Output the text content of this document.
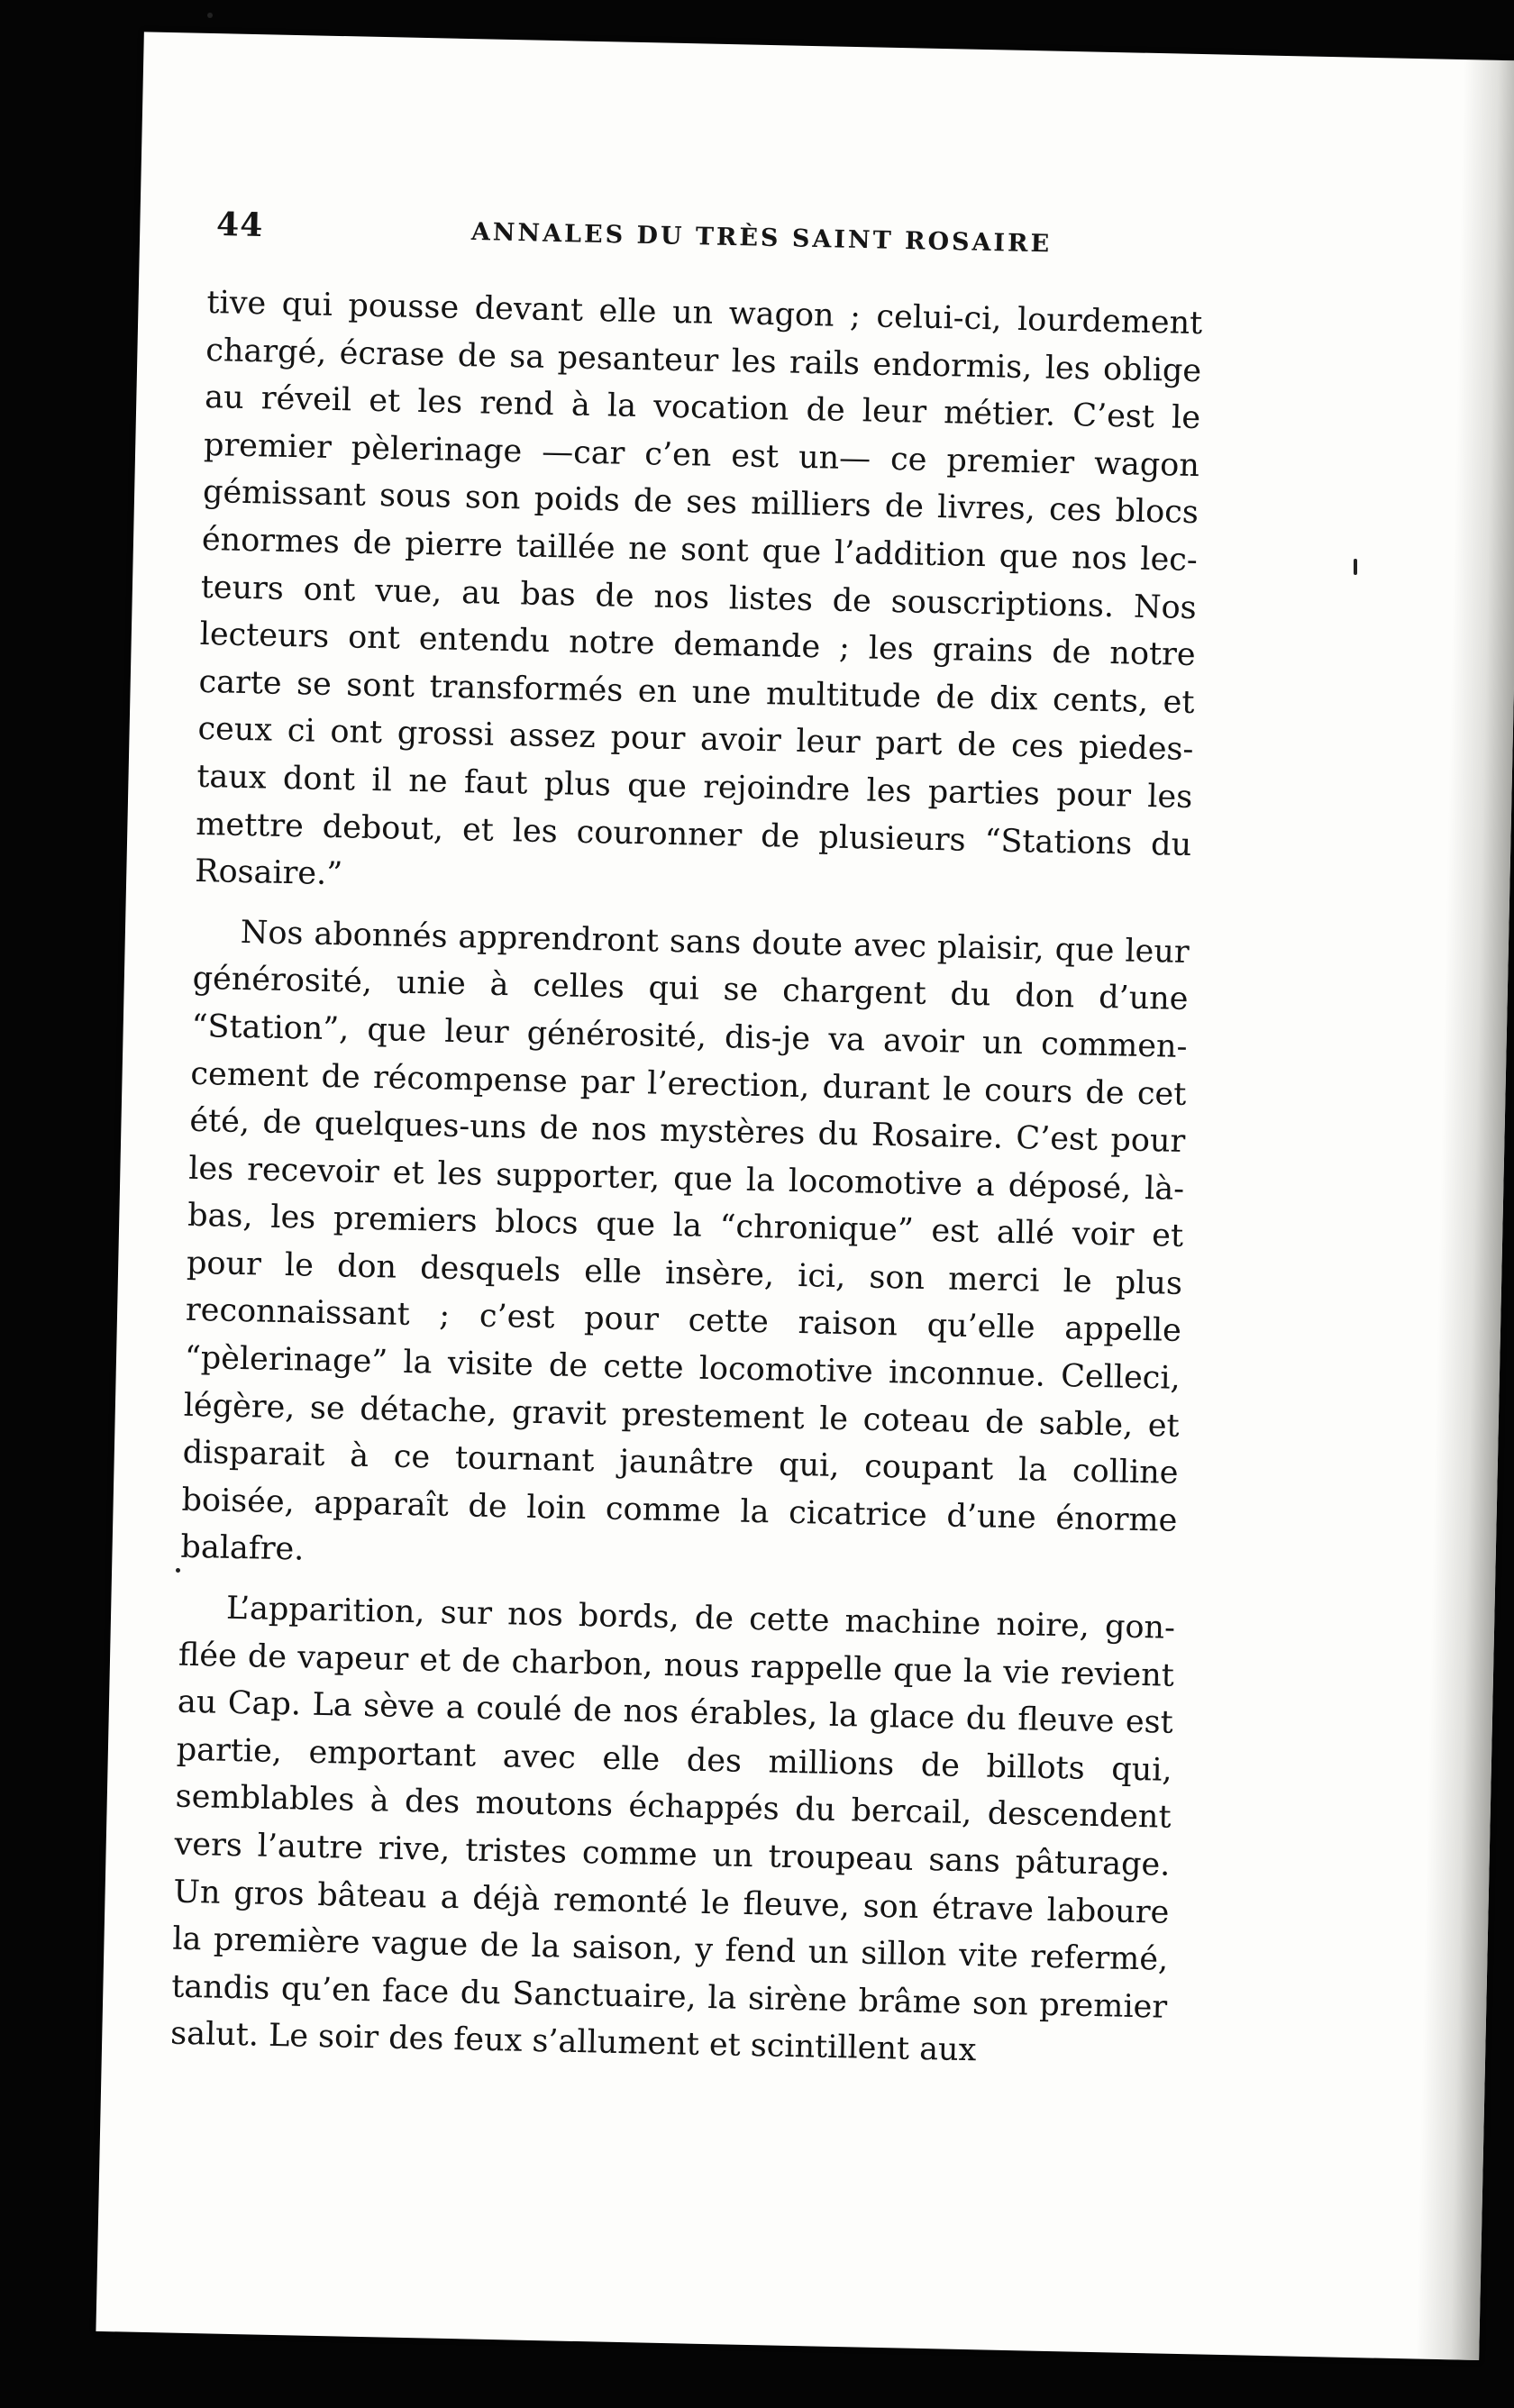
44	ANNALES DU TRÈS SAINT ROSAIRE

tive qui pousse devant elle un wagon ; celui-ci, lourdement chargé, écrase de sa pesanteur les rails endormis, les oblige au réveil et les rend à la vocation de leur métier. C’est le premier pèlerinage —car c’en est un— ce premier wagon gémissant sous son poids de ses milliers de livres, ces blocs énormes de pierre taillée ne sont que l’addition que nos lecteurs ont vue, au bas de nos listes de souscriptions. Nos lecteurs ont entendu notre demande ; les grains de notre carte se sont transformés en une multitude de dix cents, et ceux ci ont grossi assez pour avoir leur part de ces piedestaux dont il ne faut plus que rejoindre les parties pour les mettre debout, et les couronner de plusieurs “Stations du Rosaire.”

Nos abonnés apprendront sans doute avec plaisir, que leur générosité, unie à celles qui se chargent du don d’une “Station”, que leur générosité, dis-je va avoir un commencement de récompense par l’erection, durant le cours de cet été, de quelques-uns de nos mystères du Rosaire. C’est pour les recevoir et les supporter, que la locomotive a déposé, là-bas, les premiers blocs que la “chronique” est allé voir et pour le don desquels elle insère, ici, son merci le plus reconnaissant ; c’est pour cette raison qu’elle appelle “pèlerinage” la visite de cette locomotive inconnue. Celleci, légère, se détache, gravit prestement le coteau de sable, et disparait à ce tournant jaunâtre qui, coupant la colline boisée, apparaît de loin comme la cicatrice d’une énorme balafre.

L’apparition, sur nos bords, de cette machine noire, gonflée de vapeur et de charbon, nous rappelle que la vie revient au Cap. La sève a coulé de nos érables, la glace du fleuve est partie, emportant avec elle des millions de billots qui, semblables à des moutons échappés du bercail, descendent vers l’autre rive, tristes comme un troupeau sans pâturage. Un gros bâteau a déjà remonté le fleuve, son étrave laboure la première vague de la saison, y fend un sillon vite refermé, tandis qu’en face du Sanctuaire, la sirène brâme son premier salut. Le soir des feux s’allument et scintillent aux
